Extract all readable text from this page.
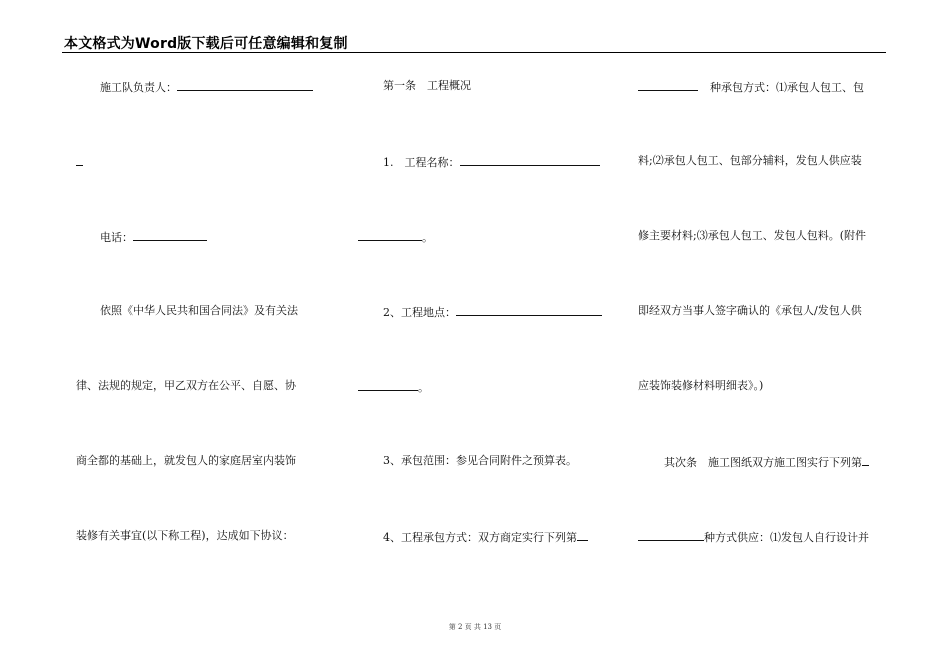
本文格式为Word版下载后可任意编辑和复制
施工队负责人：
电话：
依照《中华人民共和国合同法》及有关法
律、法规的规定，甲乙双方在公平、自愿、协
商全都的基础上，就发包人的家庭居室内装饰
装修有关事宜(以下称工程)，达成如下协议：
第一条　工程概况
1.　工程名称：
。
2、工程地点：
。
3、承包范围：参见合同附件之预算表。
4、工程承包方式：双方商定实行下列第
种承包方式：⑴承包人包工、包
料;⑵承包人包工、包部分辅料，发包人供应装
修主要材料;⑶承包人包工、发包人包料。(附件
即经双方当事人签字确认的《承包人/发包人供
应装饰装修材料明细表》。)
其次条　施工图纸双方施工图实行下列第
种方式供应：⑴发包人自行设计并
第 2 页 共 13 页
